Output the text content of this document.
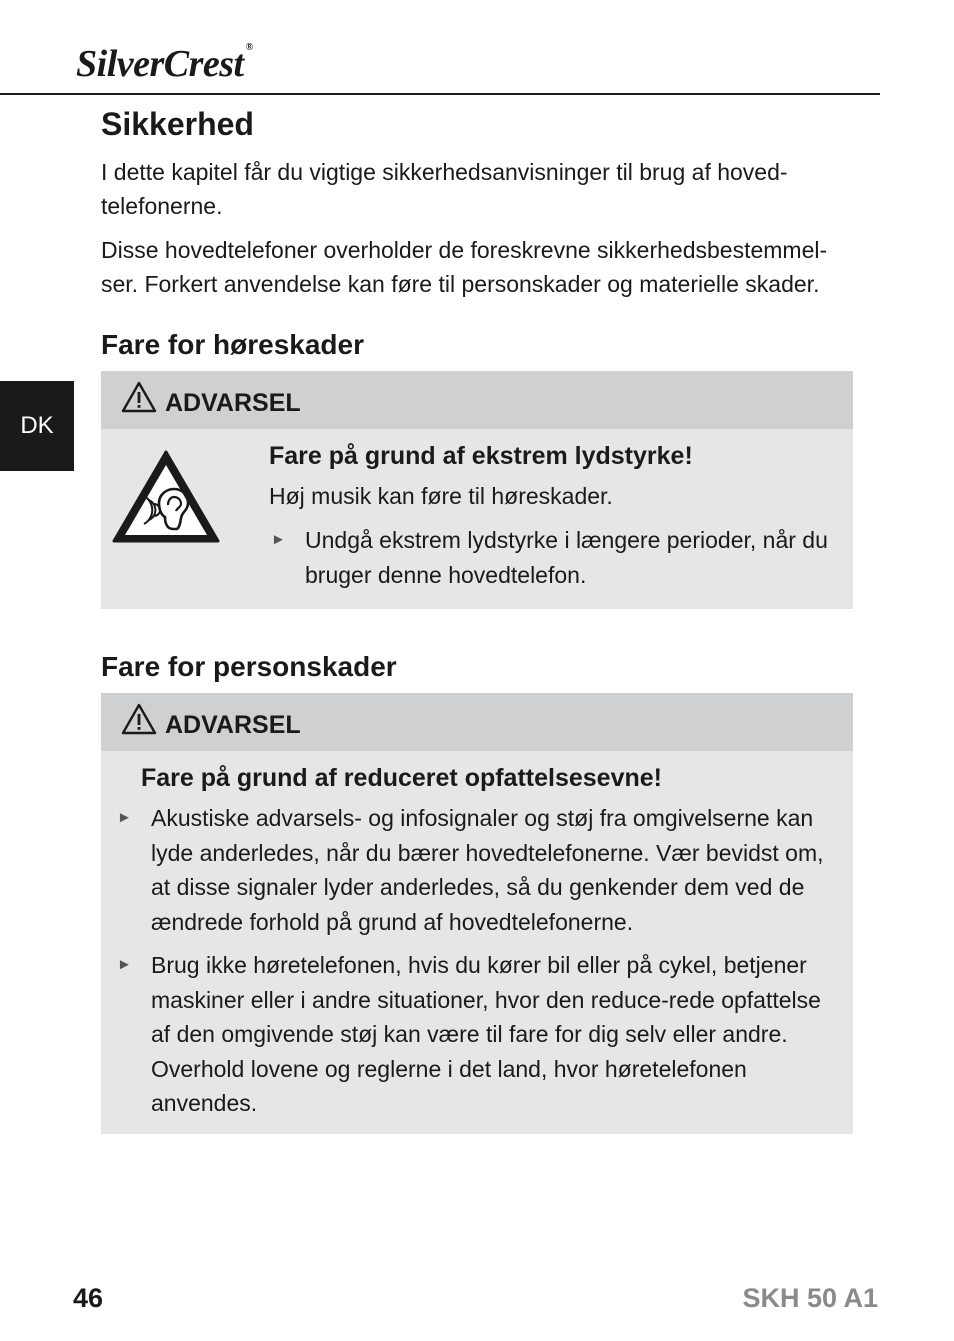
SilverCrest ®
DK
Sikkerhed

I dette kapitel får du vigtige sikkerhedsanvisninger til brug af hoved-telefonerne.

Disse hovedtelefoner overholder de foreskrevne sikkerhedsbestemmel-ser. Forkert anvendelse kan føre til personskader og materielle skader.

Fare for høreskader
ADVARSEL

Fare på grund af ekstrem lydstyrke!

Høj musik kan føre til høreskader.

► Undgå ekstrem lydstyrke i længere perioder, når du bruger denne hovedtelefon.
Fare for personskader
ADVARSEL

Fare på grund af reduceret opfattelsesevne!

► Akustiske advarsels- og infosignaler og støj fra omgivelserne kan lyde anderledes, når du bærer hovedtelefonerne. Vær bevidst om, at disse signaler lyder anderledes, så du genkender dem ved de ændrede forhold på grund af hovedtelefonerne.
► Brug ikke høretelefonen, hvis du kører bil eller på cykel, betjener maskiner eller i andre situationer, hvor den reduce-rede opfattelse af den omgivende støj kan være til fare for dig selv eller andre. Overhold lovene og reglerne i det land, hvor høretelefonen anvendes.
46	SKH 50 A1
